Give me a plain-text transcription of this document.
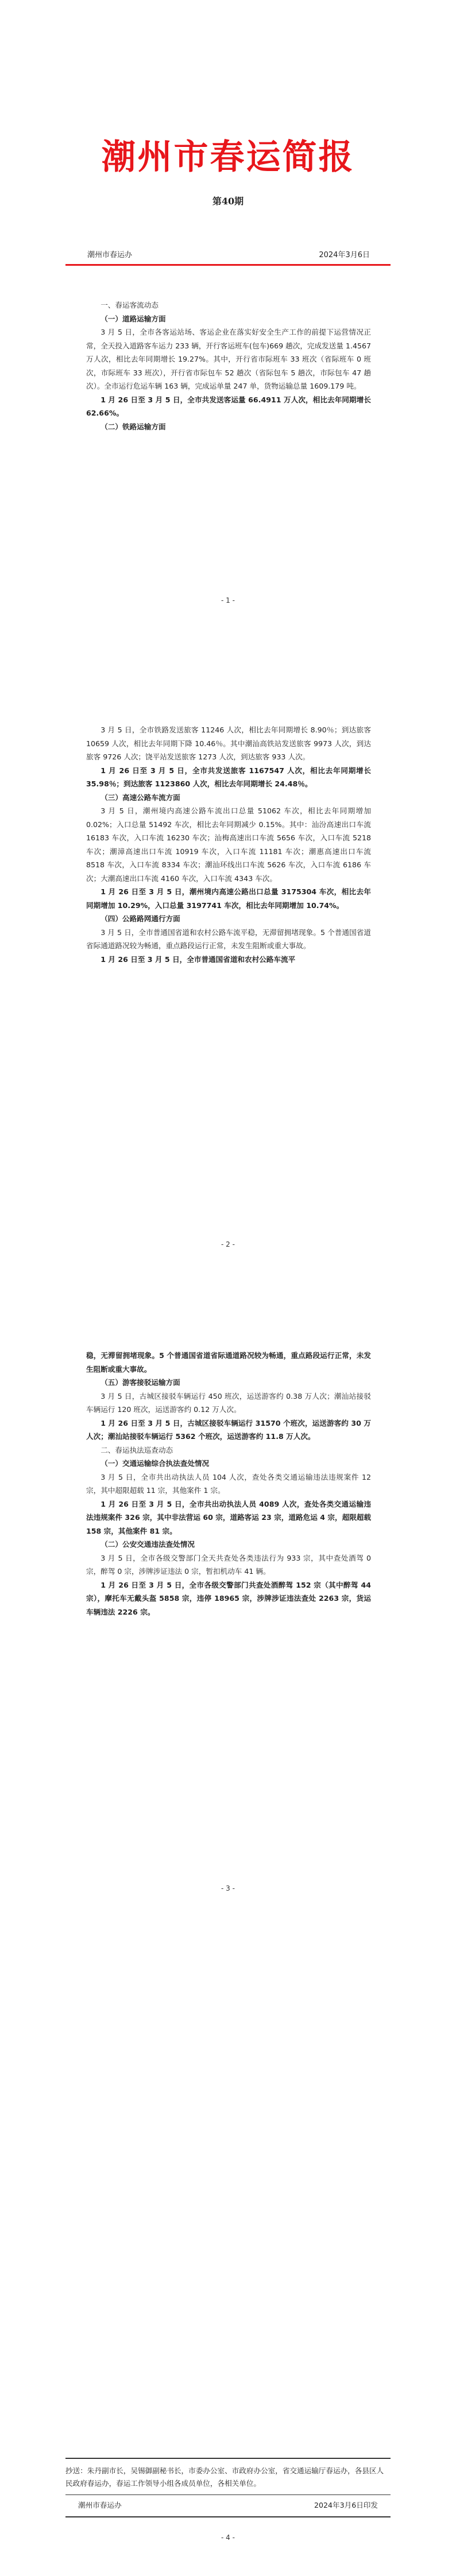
潮州市春运简报
第40期
潮州市春运办	2024年3月6日

一、春运客流动态

（一）道路运输方面

3 月 5 日，全市各客运站场、客运企业在落实好安全生产工作的前提下运营情况正常，全天投入道路客车运力 233 辆，开行客运班车(包车)669 趟次，完成发送量 1.4567 万人次，相比去年同期增长 19.27%。其中，开行省市际班车 33 班次（省际班车 0 班次，市际班车 33 班次），开行省市际包车 52 趟次（省际包车 5 趟次，市际包车 47 趟次）。全市运行危运车辆 163 辆，完成运单量 247 单，货物运输总量 1609.179 吨。

1 月 26 日至 3 月 5 日，全市共发送客运量 66.4911 万人次，相比去年同期增长 62.66%。

（二）铁路运输方面

- 1 -

3 月 5 日，全市铁路发送旅客 11246 人次，相比去年同期增长 8.90％；到达旅客 10659 人次，相比去年同期下降 10.46％。其中潮汕高铁站发送旅客 9973 人次，到达旅客 9726 人次；饶平站发送旅客 1273 人次，到达旅客 933 人次。

1 月 26 日至 3 月 5 日，全市共发送旅客 1167547 人次，相比去年同期增长 35.98％；到达旅客 1123860 人次，相比去年同期增长 24.48％。

（三）高速公路车流方面

3 月 5 日，潮州境内高速公路车流出口总量 51062 车次，相比去年同期增加 0.02%；入口总量 51492 车次，相比去年同期减少 0.15%。其中：汕汾高速出口车流 16183 车次，入口车流 16230 车次；汕梅高速出口车流 5656 车次，入口车流 5218 车次；潮漳高速出口车流 10919 车次，入口车流 11181 车次；潮惠高速出口车流 8518 车次，入口车流 8334 车次；潮汕环线出口车流 5626 车次，入口车流 6186 车次；大潮高速出口车流 4160 车次，入口车流 4343 车次。

1 月 26 日至 3 月 5 日，潮州境内高速公路出口总量 3175304 车次，相比去年同期增加 10.29%，入口总量 3197741 车次，相比去年同期增加 10.74%。

（四）公路路网通行方面

3 月 5 日，全市普通国省道和农村公路车流平稳，无滞留拥堵现象。5 个普通国省道省际通道路况较为畅通，重点路段运行正常，未发生阻断或重大事故。

1 月 26 日至 3 月 5 日，全市普通国省道和农村公路车流平

- 2 -

稳，无滞留拥堵现象。5 个普通国省道省际通道路况较为畅通，重点路段运行正常，未发生阻断或重大事故。

（五）游客接驳运输方面

3 月 5 日，古城区接驳车辆运行 450 班次，运送游客约 0.38 万人次；潮汕站接驳车辆运行 120 班次，运送游客约 0.12 万人次。

1 月 26 日至 3 月 5 日，古城区接驳车辆运行 31570 个班次，运送游客约 30 万人次；潮汕站接驳车辆运行 5362 个班次，运送游客约 11.8 万人次。

二、春运执法巡查动态

（一）交通运输综合执法查处情况

3 月 5 日，全市共出动执法人员 104 人次，查处各类交通运输违法违规案件 12 宗，其中超限超载 11 宗，其他案件 1 宗。

1 月 26 日至 3 月 5 日，全市共出动执法人员 4089 人次，查处各类交通运输违法违规案件 326 宗，其中非法营运 60 宗，道路客运 23 宗，道路危运 4 宗，超限超载 158 宗，其他案件 81 宗。

（二）公安交通违法查处情况

3 月 5 日，全市各级交警部门全天共查处各类违法行为 933 宗，其中查处酒驾 0 宗，醉驾 0 宗，涉牌涉证违法 0 宗，暂扣机动车 41 辆。

1 月 26 日至 3 月 5 日，全市各级交警部门共查处酒醉驾 152 宗（其中醉驾 44 宗），摩托车无戴头盔 5858 宗，违停 18965 宗，涉牌涉证违法查处 2263 宗，货运车辆违法 2226 宗。

- 3 -
抄送：朱丹副市长，吴锡御副秘书长，市委办公室、市政府办公室，省交通运输厅春运办，各县区人民政府春运办，春运工作领导小组各成员单位，各相关单位。
潮州市春运办	2024年3月6日印发
- 4 -
